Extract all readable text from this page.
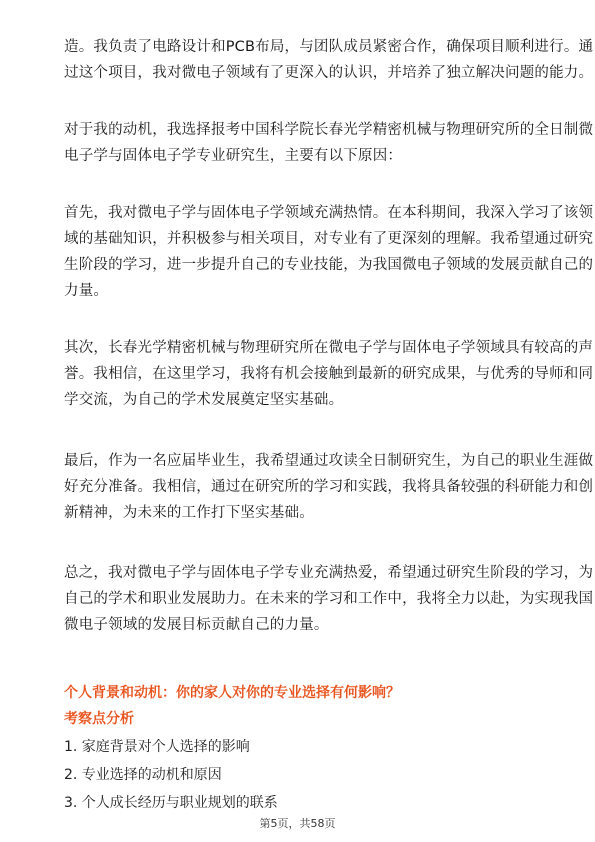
造。我负责了电路设计和PCB布局，与团队成员紧密合作，确保项目顺利进行。通
过这个项目，我对微电子领域有了更深入的认识，并培养了独立解决问题的能力。

对于我的动机，我选择报考中国科学院长春光学精密机械与物理研究所的全日制微
电子学与固体电子学专业研究生，主要有以下原因：

首先，我对微电子学与固体电子学领域充满热情。在本科期间，我深入学习了该领
域的基础知识，并积极参与相关项目，对专业有了更深刻的理解。我希望通过研究
生阶段的学习，进一步提升自己的专业技能，为我国微电子领域的发展贡献自己的
力量。

其次，长春光学精密机械与物理研究所在微电子学与固体电子学领域具有较高的声
誉。我相信，在这里学习，我将有机会接触到最新的研究成果，与优秀的导师和同
学交流，为自己的学术发展奠定坚实基础。

最后，作为一名应届毕业生，我希望通过攻读全日制研究生，为自己的职业生涯做
好充分准备。我相信，通过在研究所的学习和实践，我将具备较强的科研能力和创
新精神，为未来的工作打下坚实基础。

总之，我对微电子学与固体电子学专业充满热爱，希望通过研究生阶段的学习，为
自己的学术和职业发展助力。在未来的学习和工作中，我将全力以赴，为实现我国
微电子领域的发展目标贡献自己的力量。

个人背景和动机：你的家人对你的专业选择有何影响？

考察点分析

1. 家庭背景对个人选择的影响

2. 专业选择的动机和原因

3. 个人成长经历与职业规划的联系

第5页，共58页
